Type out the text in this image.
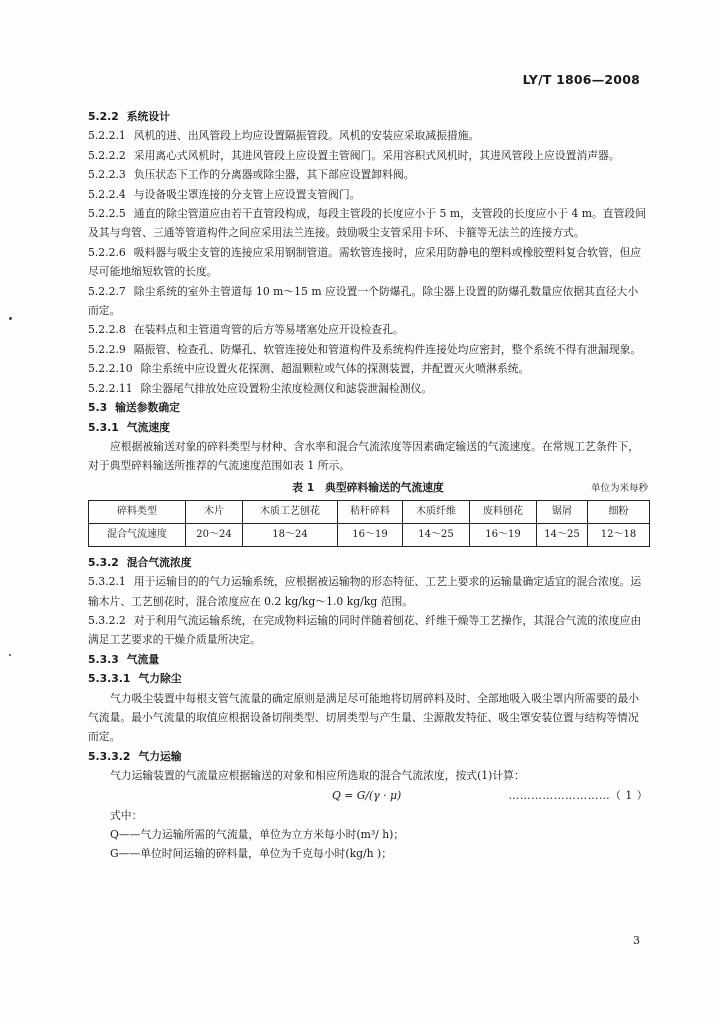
LY/T 1806—2008
5.2.2 系统设计
5.2.2.1 风机的进、出风管段上均应设置隔振管段。风机的安装应采取减振措施。
5.2.2.2 采用离心式风机时，其进风管段上应设置主管阀门。采用容积式风机时，其进风管段上应设置消声器。
5.2.2.3 负压状态下工作的分离器或除尘器，其下部应设置卸料阀。
5.2.2.4 与设备吸尘罩连接的分支管上应设置支管阀门。
5.2.2.5 通直的除尘管道应由若干直管段构成，每段主管段的长度应小于 5 m，支管段的长度应小于 4 m。直管段间及其与弯管、三通等管道构件之间应采用法兰连接。鼓励吸尘支管采用卡环、卡箍等无法兰的连接方式。
5.2.2.6 吸料器与吸尘支管的连接应采用钢制管道。需软管连接时，应采用防静电的塑料或橡胶塑料复合软管，但应尽可能地缩短软管的长度。
5.2.2.7 除尘系统的室外主管道每 10 m～15 m 应设置一个防爆孔。除尘器上设置的防爆孔数量应依据其直径大小而定。
5.2.2.8 在装料点和主管道弯管的后方等易堵塞处应开设检查孔。
5.2.2.9 隔振管、检查孔、防爆孔、软管连接处和管道构件及系统构件连接处均应密封，整个系统不得有泄漏现象。
5.2.2.10 除尘系统中应设置火花探测、超温颗粒或气体的探测装置，并配置灭火喷淋系统。
5.2.2.11 除尘器尾气排放处应设置粉尘浓度检测仪和滤袋泄漏检测仪。
5.3 输送参数确定
5.3.1 气流速度
应根据被输送对象的碎料类型与材种、含水率和混合气流浓度等因素确定输送的气流速度。在常规工艺条件下，对于典型碎料输送所推荐的气流速度范围如表 1 所示。
表 1　典型碎料输送的气流速度	单位为米每秒
碎料类型	木片	木质工艺刨花	秸秆碎料	木质纤维	废料刨花	锯屑	细粉
混合气流速度	20～24	18～24	16～19	14～25	16～19	14～25	12～18
5.3.2 混合气流浓度
5.3.2.1 用于运输目的的气力运输系统，应根据被运输物的形态特征、工艺上要求的运输量确定适宜的混合浓度。运输木片、工艺刨花时，混合浓度应在 0.2 kg/kg～1.0 kg/kg 范围。
5.3.2.2 对于利用气流运输系统，在完成物料运输的同时伴随着刨花、纤维干燥等工艺操作，其混合气流的浓度应由满足工艺要求的干燥介质量所决定。
5.3.3 气流量
5.3.3.1 气力除尘
气力吸尘装置中每根支管气流量的确定原则是满足尽可能地将切屑碎料及时、全部地吸入吸尘罩内所需要的最小气流量。最小气流量的取值应根据设备切削类型、切屑类型与产生量、尘源散发特征、吸尘罩安装位置与结构等情况而定。
5.3.3.2 气力运输
气力运输装置的气流量应根据输送的对象和相应所选取的混合气流浓度，按式(1)计算：
Q = G/(γ · μ)	………………………（ 1 ）
式中：
Q——气力运输所需的气流量，单位为立方米每小时(m³/ h)；
G——单位时间运输的碎料量，单位为千克每小时(kg/h )；
3
